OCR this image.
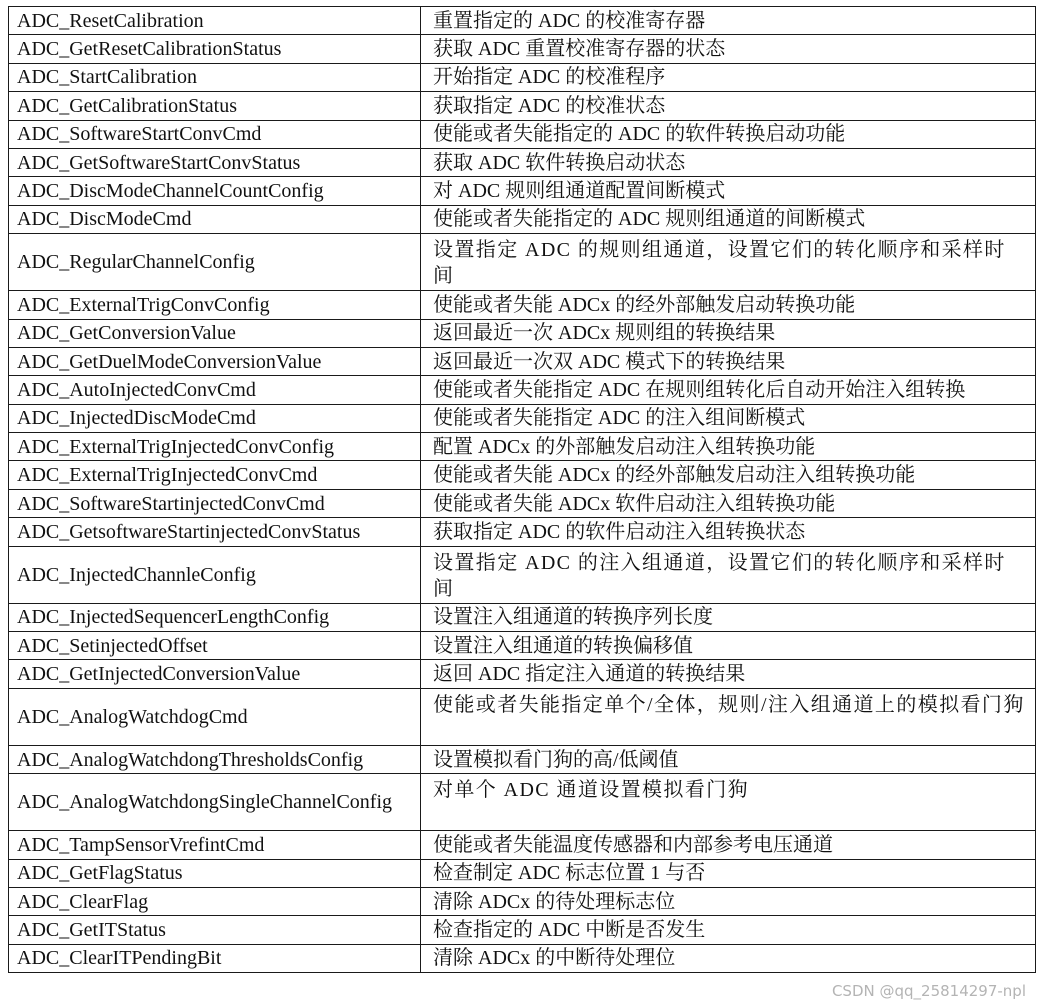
ADC_ResetCalibration	重置指定的 ADC 的校准寄存器
ADC_GetResetCalibrationStatus	获取 ADC 重置校准寄存器的状态
ADC_StartCalibration	开始指定 ADC 的校准程序
ADC_GetCalibrationStatus	获取指定 ADC 的校准状态
ADC_SoftwareStartConvCmd	使能或者失能指定的 ADC 的软件转换启动功能
ADC_GetSoftwareStartConvStatus	获取 ADC 软件转换启动状态
ADC_DiscModeChannelCountConfig	对 ADC 规则组通道配置间断模式
ADC_DiscModeCmd	使能或者失能指定的 ADC 规则组通道的间断模式
ADC_RegularChannelConfig	设置指定 ADC 的规则组通道，设置它们的转化顺序和采样时间
ADC_ExternalTrigConvConfig	使能或者失能 ADCx 的经外部触发启动转换功能
ADC_GetConversionValue	返回最近一次 ADCx 规则组的转换结果
ADC_GetDuelModeConversionValue	返回最近一次双 ADC 模式下的转换结果
ADC_AutoInjectedConvCmd	使能或者失能指定 ADC 在规则组转化后自动开始注入组转换
ADC_InjectedDiscModeCmd	使能或者失能指定 ADC 的注入组间断模式
ADC_ExternalTrigInjectedConvConfig	配置 ADCx 的外部触发启动注入组转换功能
ADC_ExternalTrigInjectedConvCmd	使能或者失能 ADCx 的经外部触发启动注入组转换功能
ADC_SoftwareStartinjectedConvCmd	使能或者失能 ADCx 软件启动注入组转换功能
ADC_GetsoftwareStartinjectedConvStatus	获取指定 ADC 的软件启动注入组转换状态
ADC_InjectedChannleConfig	设置指定 ADC 的注入组通道，设置它们的转化顺序和采样时间
ADC_InjectedSequencerLengthConfig	设置注入组通道的转换序列长度
ADC_SetinjectedOffset	设置注入组通道的转换偏移值
ADC_GetInjectedConversionValue	返回 ADC 指定注入通道的转换结果
ADC_AnalogWatchdogCmd	使能或者失能指定单个/全体，规则/注入组通道上的模拟看门狗
ADC_AnalogWatchdongThresholdsConfig	设置模拟看门狗的高/低阈值
ADC_AnalogWatchdongSingleChannelConfig	对单个 ADC 通道设置模拟看门狗
ADC_TampSensorVrefintCmd	使能或者失能温度传感器和内部参考电压通道
ADC_GetFlagStatus	检查制定 ADC 标志位置 1 与否
ADC_ClearFlag	清除 ADCx 的待处理标志位
ADC_GetITStatus	检查指定的 ADC 中断是否发生
ADC_ClearITPendingBit	清除 ADCx 的中断待处理位
CSDN @qq_25814297-npl
